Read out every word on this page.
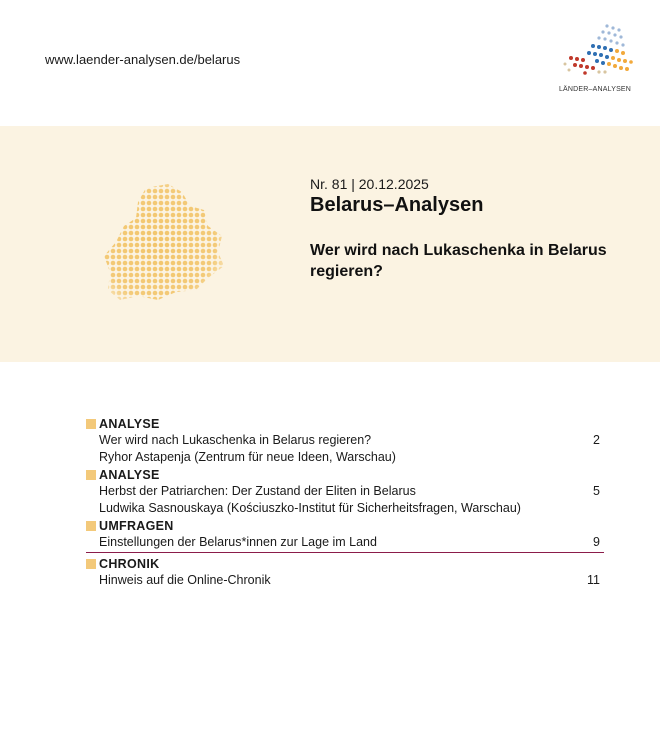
www.laender-analysen.de/belarus
LÄNDER–ANALYSEN
Nr. 81 | 20.12.2025
Belarus–Analysen
Wer wird nach Lukaschenka in Belarus regieren?
ANALYSE
Wer wird nach Lukaschenka in Belarus regieren?	2
Ryhor Astapenja (Zentrum für neue Ideen, Warschau)
ANALYSE
Herbst der Patriarchen: Der Zustand der Eliten in Belarus	5
Ludwika Sasnouskaya (Kościuszko-Institut für Sicherheitsfragen, Warschau)
UMFRAGEN
Einstellungen der Belarus*innen zur Lage im Land	9
CHRONIK
Hinweis auf die Online-Chronik	11
